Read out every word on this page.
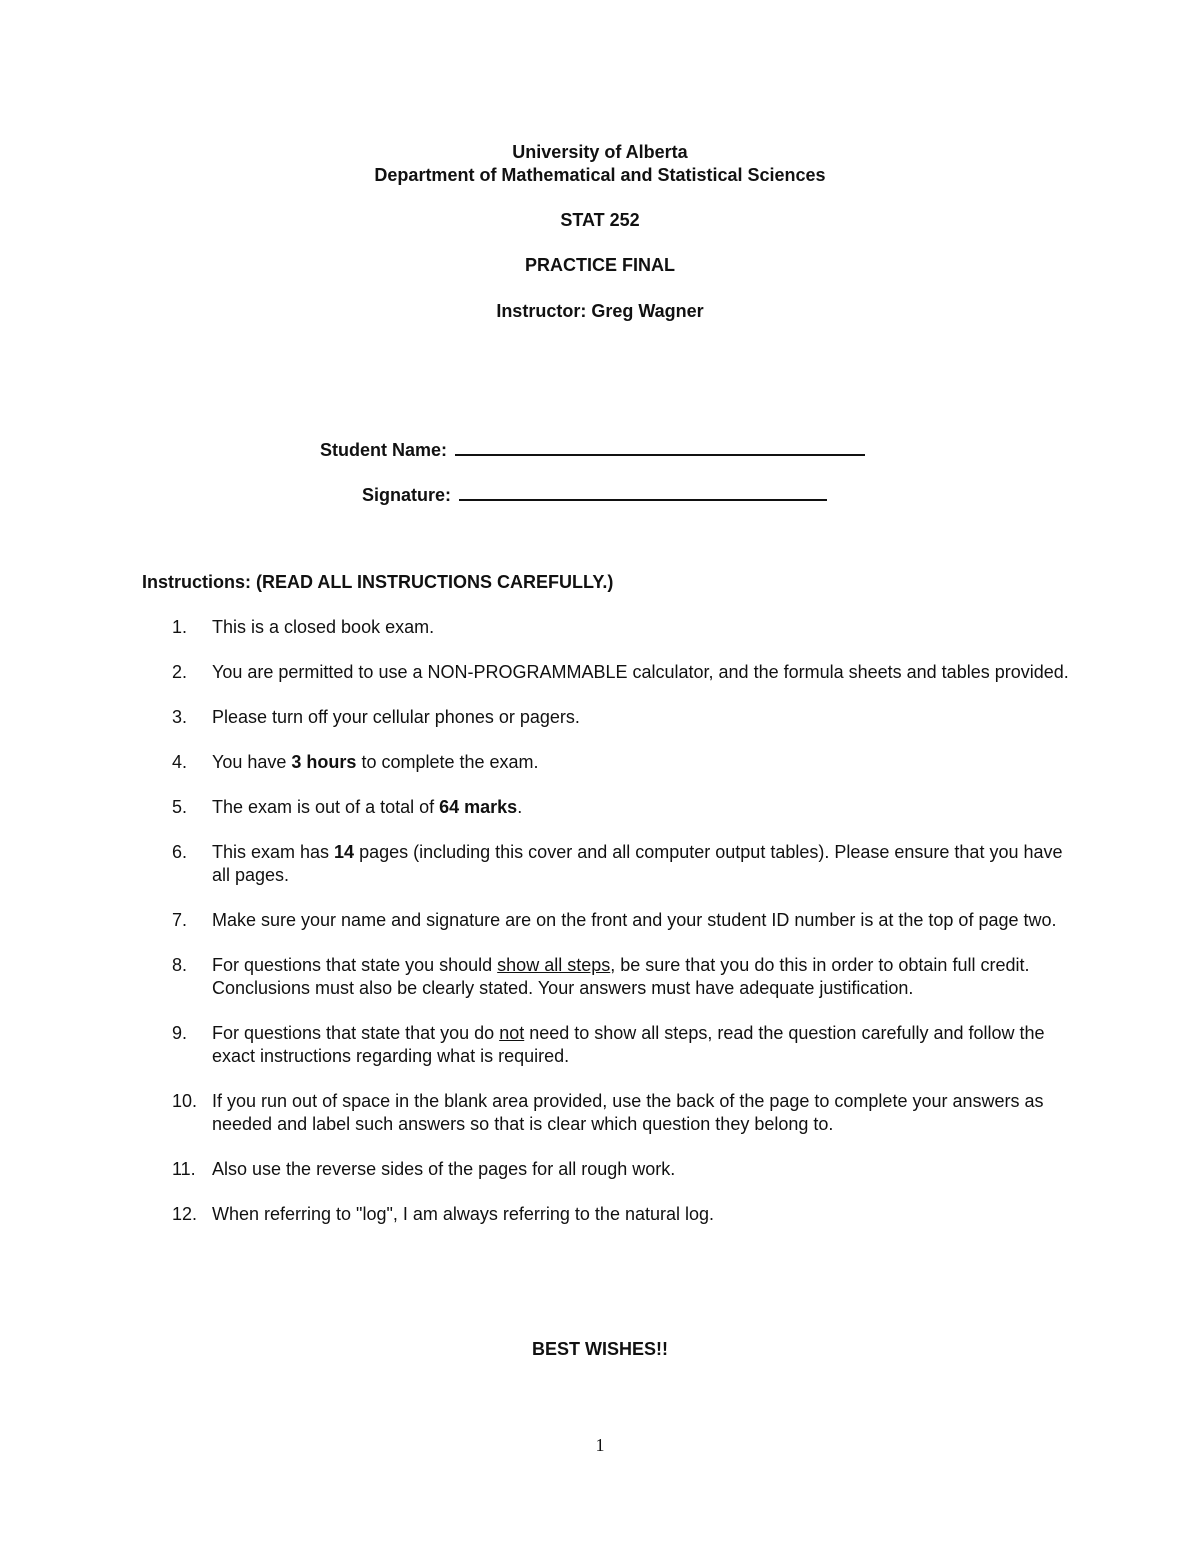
University of Alberta
Department of Mathematical and Statistical Sciences
STAT 252
PRACTICE FINAL
Instructor: Greg Wagner
Student Name:
Signature:
Instructions: (READ ALL INSTRUCTIONS CAREFULLY.)
1.	This is a closed book exam.
2.	You are permitted to use a NON-PROGRAMMABLE calculator, and the formula sheets and tables provided.
3.	Please turn off your cellular phones or pagers.
4.	You have 3 hours to complete the exam.
5.	The exam is out of a total of 64 marks.
6.	This exam has 14 pages (including this cover and all computer output tables). Please ensure that you have all pages.
7.	Make sure your name and signature are on the front and your student ID number is at the top of page two.
8.	For questions that state you should show all steps, be sure that you do this in order to obtain full credit. Conclusions must also be clearly stated. Your answers must have adequate justification.
9.	For questions that state that you do not need to show all steps, read the question carefully and follow the exact instructions regarding what is required.
10. If you run out of space in the blank area provided, use the back of the page to complete your answers as needed and label such answers so that is clear which question they belong to.
11. Also use the reverse sides of the pages for all rough work.
12. When referring to "log", I am always referring to the natural log.
BEST WISHES!!
1
